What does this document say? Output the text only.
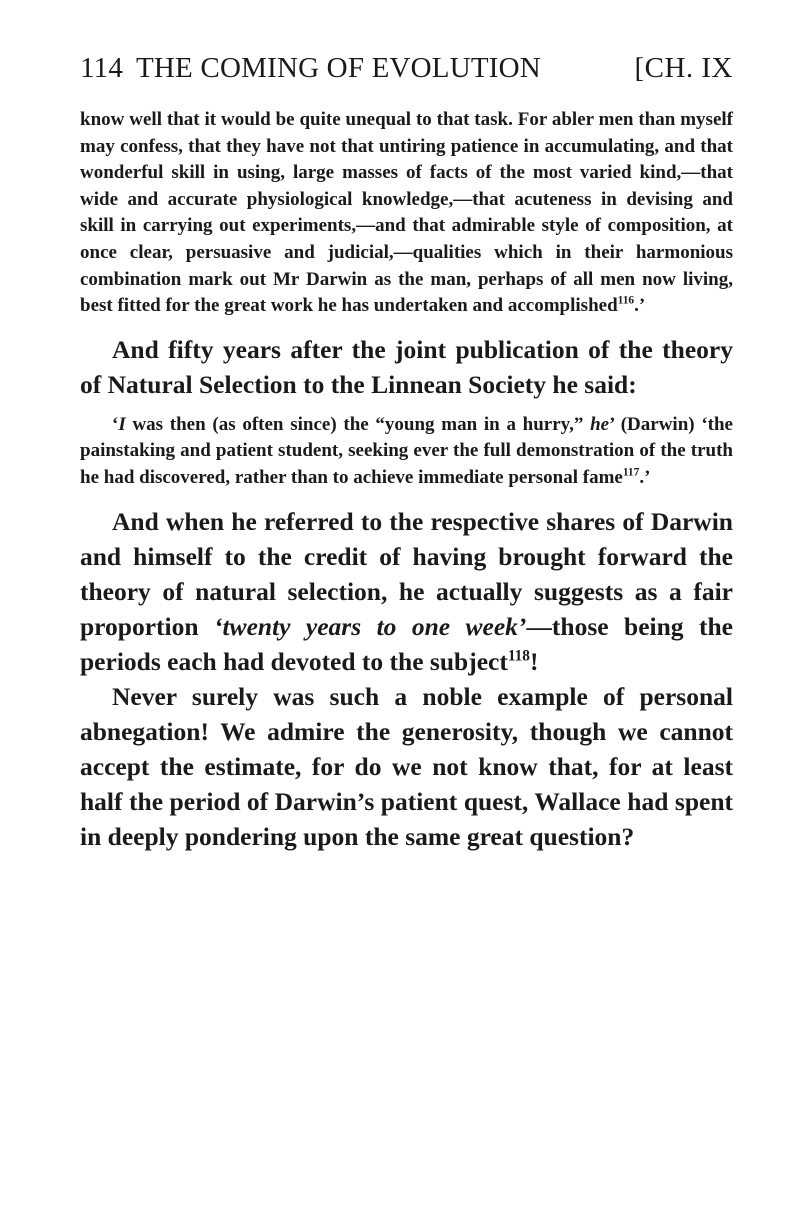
114 THE COMING OF EVOLUTION	[CH. IX

know well that it would be quite unequal to that task. For abler men than myself may confess, that they have not that untiring patience in accumulating, and that wonderful skill in using, large masses of facts of the most varied kind,—that wide and accurate physiological knowledge,—that acuteness in devising and skill in carrying out experiments,—and that admirable style of composition, at once clear, persuasive and judicial,—qualities which in their harmonious combination mark out Mr Darwin as the man, perhaps of all men now living, best fitted for the great work he has undertaken and accomplished$^{116}$.’

And fifty years after the joint publication of the theory of Natural Selection to the Linnean Society he said:

‘I was then (as often since) the “young man in a hurry,” he’ (Darwin) ‘the painstaking and patient student, seeking ever the full demonstration of the truth he had discovered, rather than to achieve immediate personal fame$^{117}$.’

And when he referred to the respective shares of Darwin and himself to the credit of having brought forward the theory of natural selection, he actually suggests as a fair proportion ‘twenty years to one week’—those being the periods each had devoted to the subject$^{118}$!

Never surely was such a noble example of personal abnegation! We admire the generosity, though we cannot accept the estimate, for do we not know that, for at least half the period of Darwin’s patient quest, Wallace had spent in deeply pondering upon the same great question?
